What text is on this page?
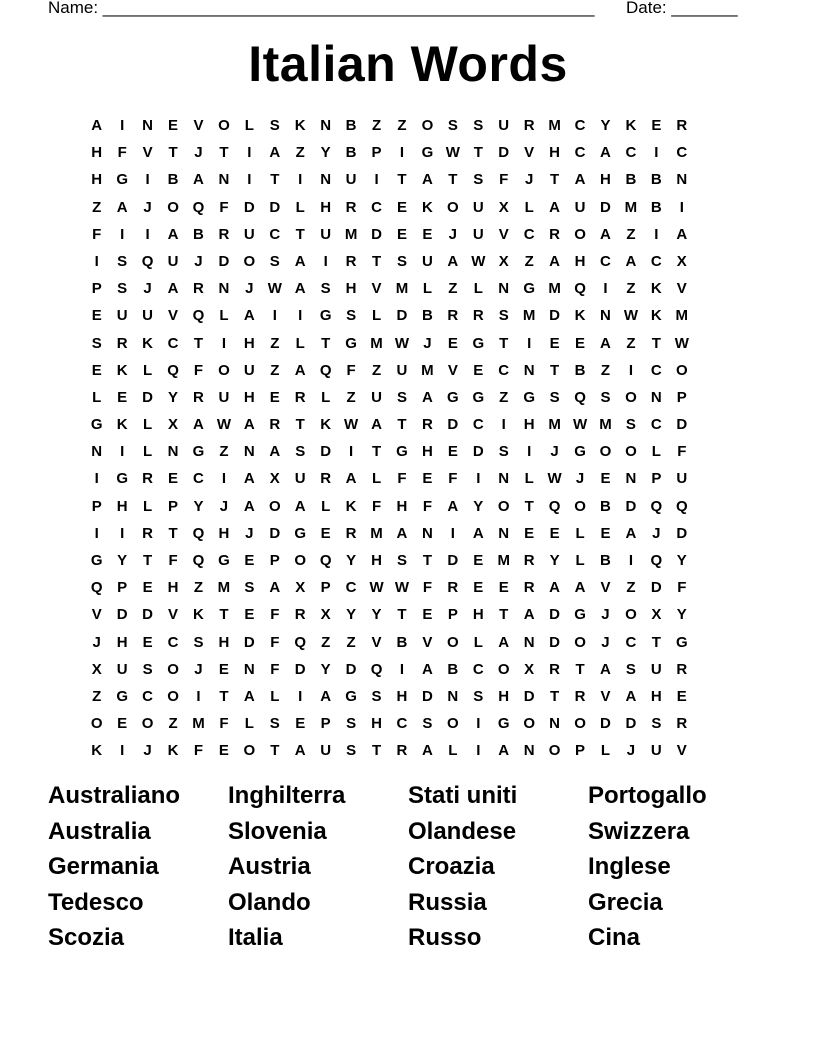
Name: ____________________________________________________ Date: _______
Italian Words
A	I	N	E	V O	L	S	K N B	Z	Z	O S	S	U R M C	Y	K	E	R
H	F	V	T	J	T	I	A	Z	Y	B	P	I	G W T	D	V	H C A C	I	C
H G	I	B A N	I	T	I	N U	I	T	A	T	S	F	J	T	A H B B N
Z	A	J	O Q	F	D D	L	H R C	E	K O U	X	L	A U D M B	I
F	I	I	A B R U C	T	U M D	E	E	J	U	V	C R O A	Z	I	A
I	S Q U	J	D O S	A	I	R	T	S	U A W X	Z	A H C A C	X
P	S	J	A R N	J W A	S	H	V M L	Z	L	N G M Q	I	Z	K	V
E	U U	V Q	L	A	I	I	G S	L	D B R R	S M D K N W K M
S	R K C	T	I	H	Z	L	T	G M W J	E G	T	I	E	E	A	Z	T W
E	K	L	Q	F	O U	Z	A Q	F	Z	U M V	E	C N	T	B	Z	I	C O
L	E	D	Y	R U H	E	R	L	Z	U	S	A G G	Z	G S Q S O N	P
G K	L	X	A W A R	T	K W A	T	R D C	I	H M W M S	C D
N	I	L	N G	Z	N A	S	D	I	T	G H	E	D	S	I	J	G O O	L	F
I	G R	E	C	I	A	X	U R A	L	F	E	F	I	N	L W J	E	N	P	U
P	H	L	P	Y	J	A O A	L	K	F	H	F	A	Y O	T	Q O B D Q Q
I	I	R	T	Q H	J	D G E	R M A N	I	A N	E	E	L	E	A	J	D
G Y	T	F	Q G E	P O Q Y	H	S	T	D	E M R	Y	L	B	I	Q Y
Q P	E	H	Z M S	A	X	P	C W W F	R	E	E	R A A	V	Z	D	F
V	D D	V	K	T	E	F	R	X	Y	Y	T	E	P	H	T	A D G	J	O X	Y
J	H	E	C	S	H D	F	Q	Z	Z	V	B	V O	L	A N D O	J	C	T	G
X	U	S O	J	E	N	F	D	Y	D Q	I	A B C O X	R	T	A	S	U R
Z	G C O	I	T	A	L	I	A G S	H D N	S	H D	T	R	V	A H	E
O E O	Z M F	L	S	E	P	S	H C	S O	I	G O N O D D	S	R
K	I	J	K	F	E O	T	A U	S	T	R A	L	I	A N O P	L	J	U	V
Australiano	Inghilterra	Stati uniti	Portogallo
Australia	Slovenia	Olandese	Swizzera
Germania	Austria	Croazia	Inglese
Tedesco	Olando	Russia	Grecia
Scozia	Italia	Russo	Cina
